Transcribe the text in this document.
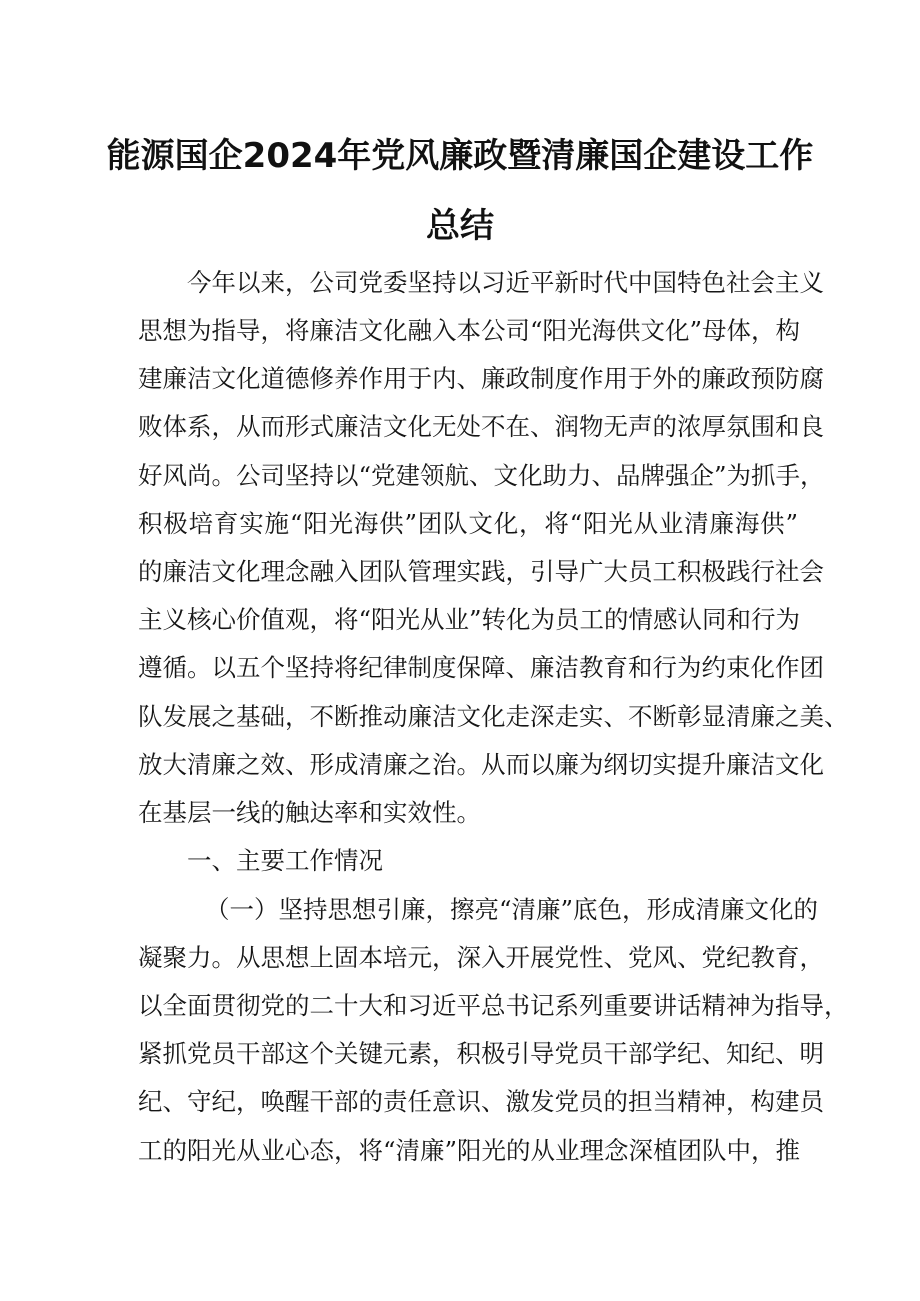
能源国企2024年党风廉政暨清廉国企建设工作
总结
今年以来，公司党委坚持以习近平新时代中国特色社会主义
思想为指导，将廉洁文化融入本公司“阳光海供文化”母体，构
建廉洁文化道德修养作用于内、廉政制度作用于外的廉政预防腐
败体系，从而形式廉洁文化无处不在、润物无声的浓厚氛围和良
好风尚。公司坚持以“党建领航、文化助力、品牌强企”为抓手，
积极培育实施“阳光海供”团队文化，将“阳光从业清廉海供”
的廉洁文化理念融入团队管理实践，引导广大员工积极践行社会
主义核心价值观，将“阳光从业”转化为员工的情感认同和行为
遵循。以五个坚持将纪律制度保障、廉洁教育和行为约束化作团
队发展之基础，不断推动廉洁文化走深走实、不断彰显清廉之美、
放大清廉之效、形成清廉之治。从而以廉为纲切实提升廉洁文化
在基层一线的触达率和实效性。
一、主要工作情况
（一）坚持思想引廉，擦亮“清廉”底色，形成清廉文化的
凝聚力。从思想上固本培元，深入开展党性、党风、党纪教育，
以全面贯彻党的二十大和习近平总书记系列重要讲话精神为指导，
紧抓党员干部这个关键元素，积极引导党员干部学纪、知纪、明
纪、守纪，唤醒干部的责任意识、激发党员的担当精神，构建员
工的阳光从业心态，将“清廉”阳光的从业理念深植团队中，推
